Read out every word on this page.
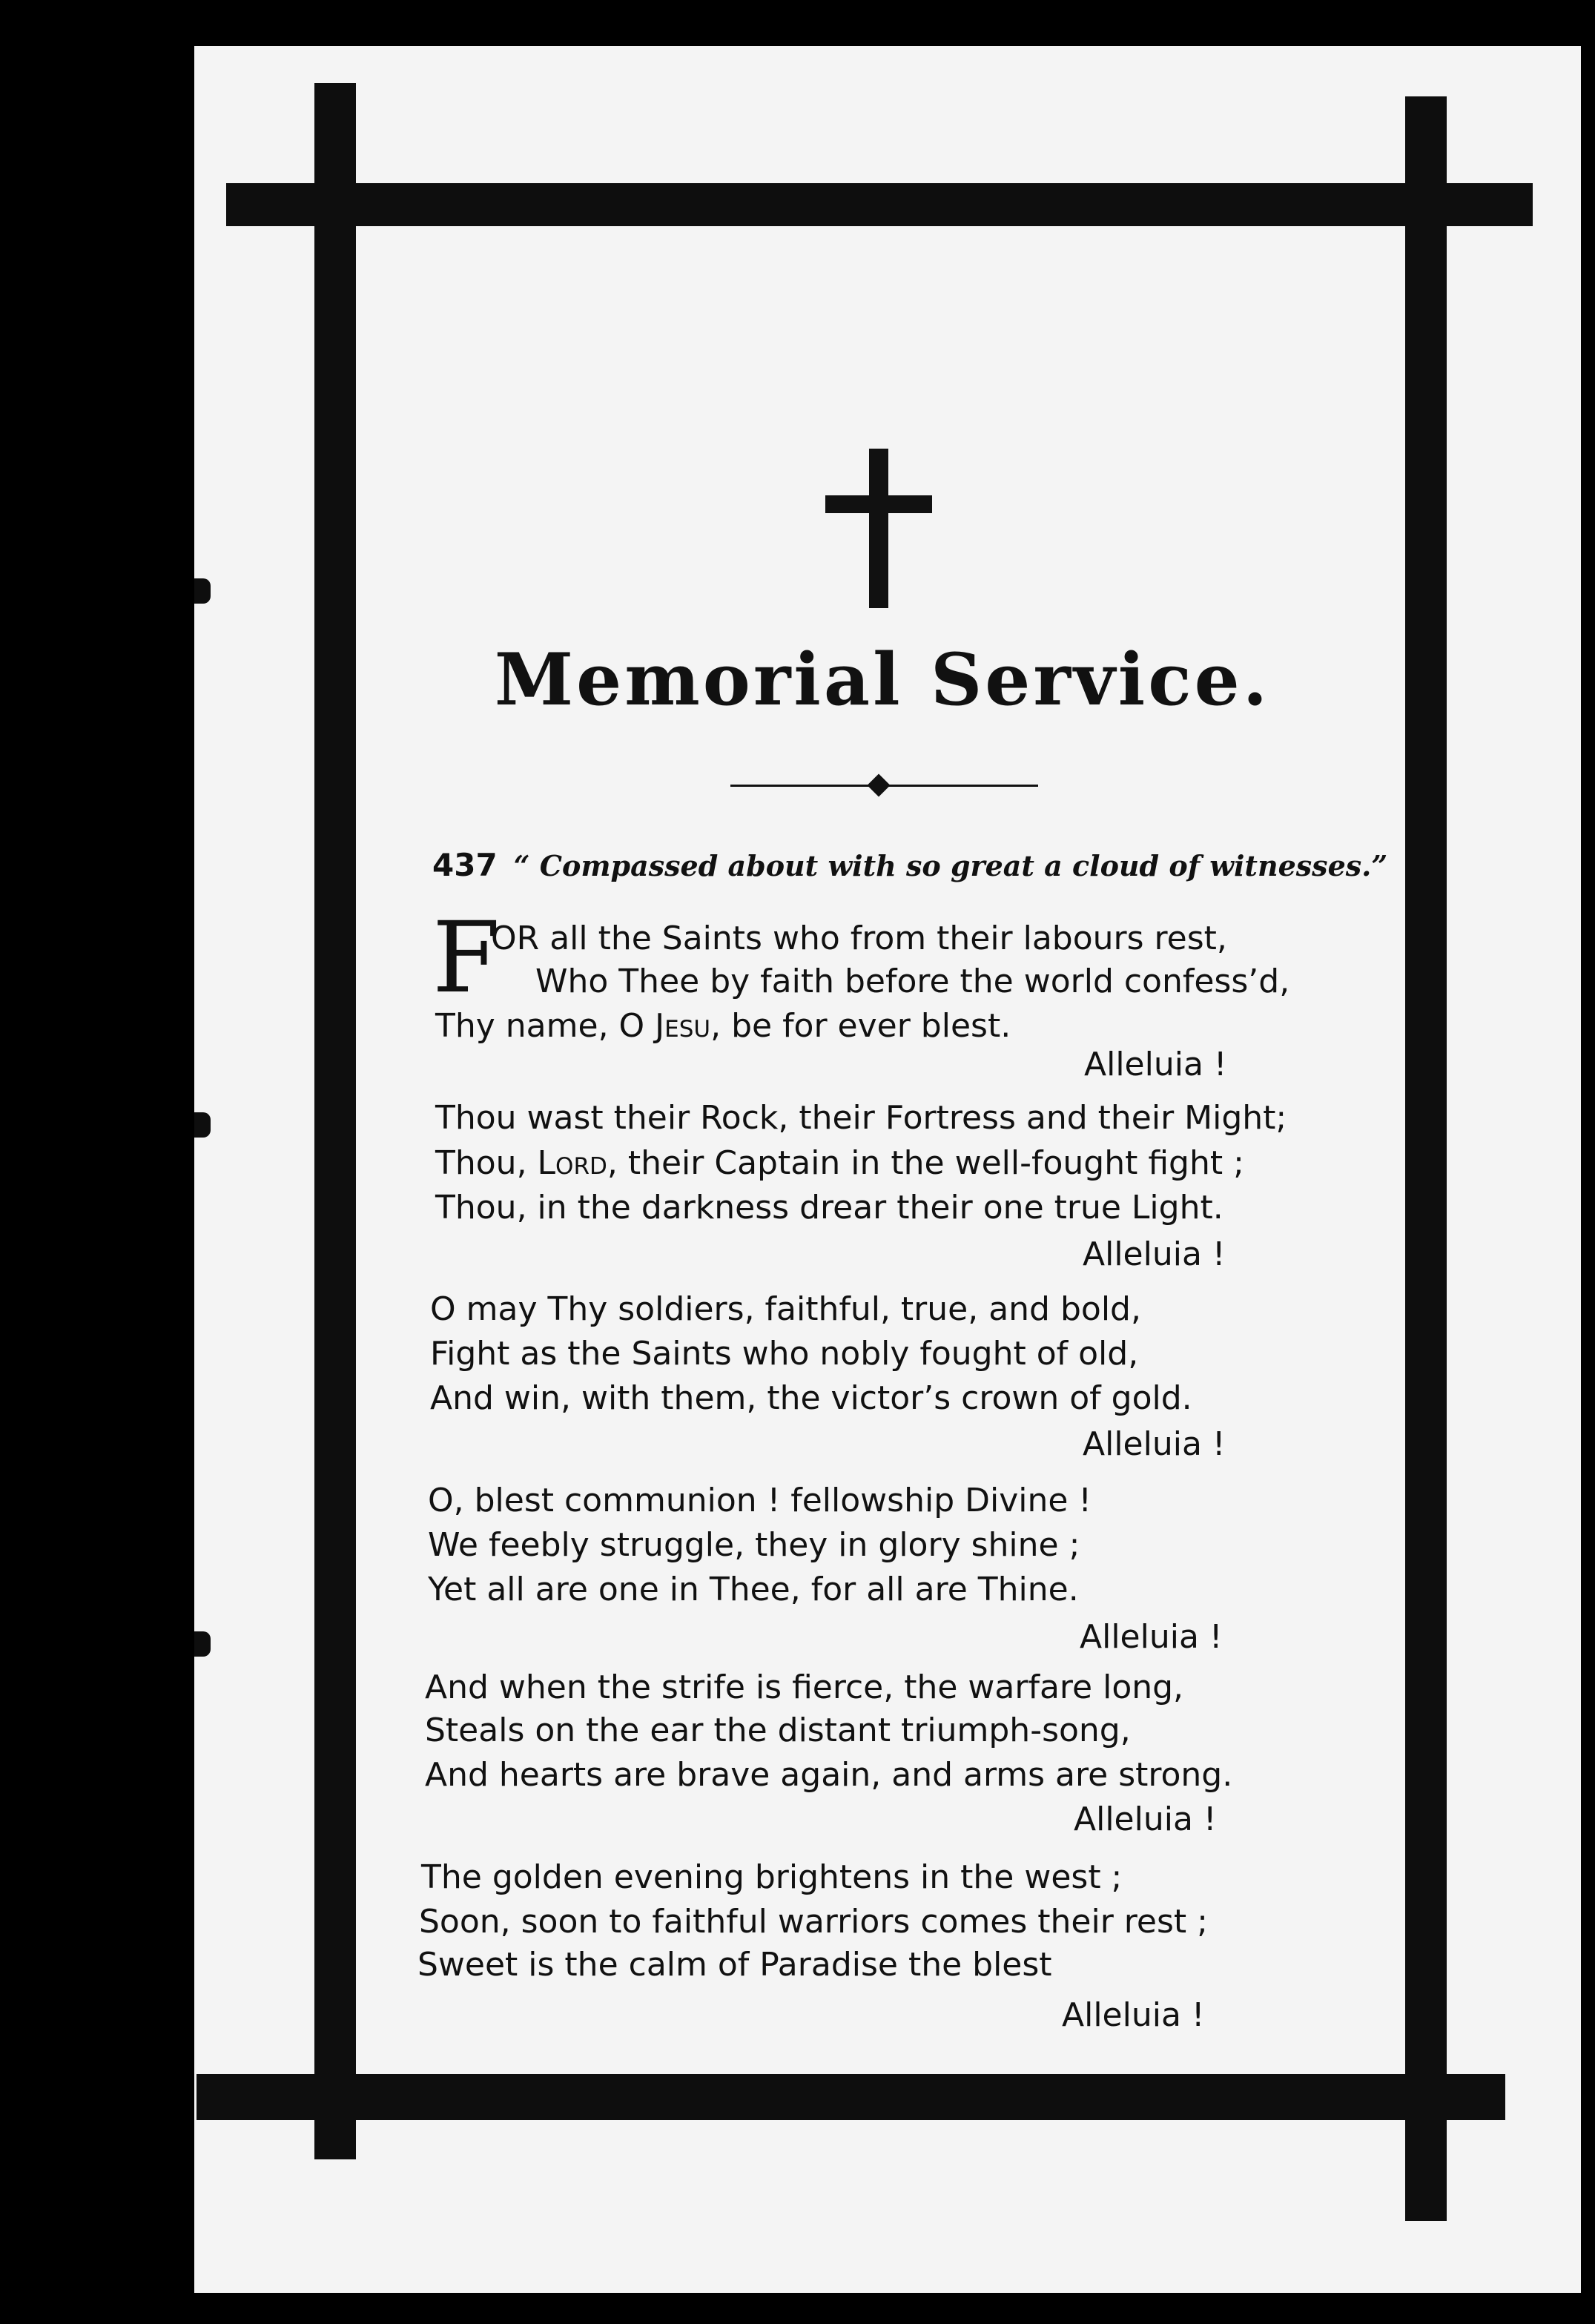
Memorial Service.
437 “ Compassed about with so great a cloud of witnesses.”
F
OR all the Saints who from their labours rest,
Who Thee by faith before the world confess’d,
Thy name, O Jesu, be for ever blest.
Alleluia !
Thou wast their Rock, their Fortress and their Might;
Thou, Lord, their Captain in the well-fought fight ;
Thou, in the darkness drear their one true Light.
Alleluia !
O may Thy soldiers, faithful, true, and bold,
Fight as the Saints who nobly fought of old,
And win, with them, the victor’s crown of gold.
Alleluia !
O, blest communion ! fellowship Divine !
We feebly struggle, they in glory shine ;
Yet all are one in Thee, for all are Thine.
Alleluia !
And when the strife is fierce, the warfare long,
Steals on the ear the distant triumph-song,
And hearts are brave again, and arms are strong.
Alleluia !
The golden evening brightens in the west ;
Soon, soon to faithful warriors comes their rest ;
Sweet is the calm of Paradise the blest
Alleluia !
